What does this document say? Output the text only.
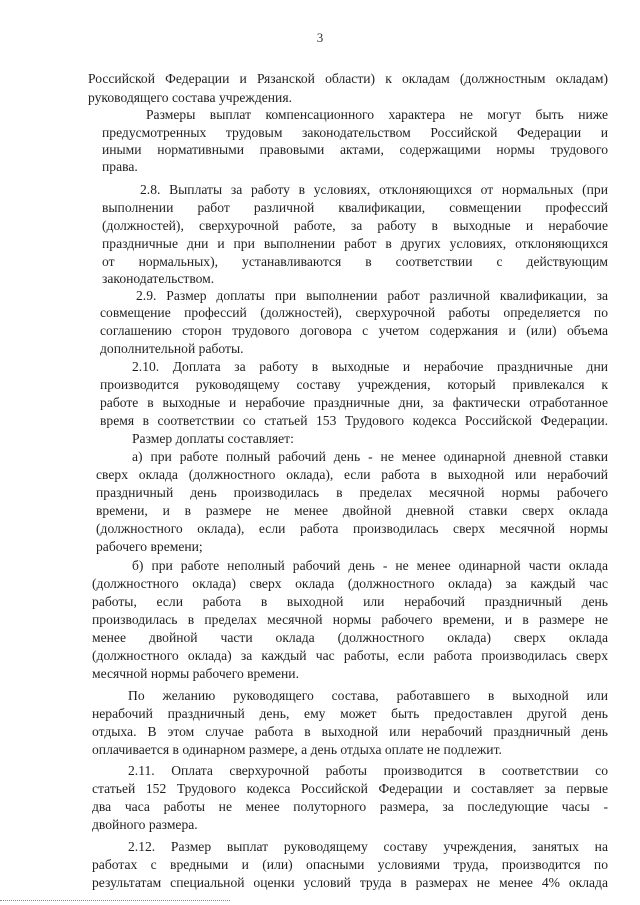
3
Российской Федерации и Рязанской области) к окладам (должностным окладам)
руководящего состава учреждения.
Размеры выплат компенсационного характера не могут быть ниже
предусмотренных трудовым законодательством Российской Федерации и
иными нормативными правовыми актами, содержащими нормы трудового
права.
2.8. Выплаты за работу в условиях, отклоняющихся от нормальных (при
выполнении работ различной квалификации, совмещении профессий
(должностей), сверхурочной работе, за работу в выходные и нерабочие
праздничные дни и при выполнении работ в других условиях, отклоняющихся
от нормальных), устанавливаются в соответствии с действующим
законодательством.
2.9. Размер доплаты при выполнении работ различной квалификации, за
совмещение профессий (должностей), сверхурочной работы определяется по
соглашению сторон трудового договора с учетом содержания и (или) объема
дополнительной работы.
2.10. Доплата за работу в выходные и нерабочие праздничные дни
производится руководящему составу учреждения, который привлекался к
работе в выходные и нерабочие праздничные дни, за фактически отработанное
время в соответствии со статьей 153 Трудового кодекса Российской Федерации.
Размер доплаты составляет:
а) при работе полный рабочий день - не менее одинарной дневной ставки
сверх оклада (должностного оклада), если работа в выходной или нерабочий
праздничный день производилась в пределах месячной нормы рабочего
времени, и в размере не менее двойной дневной ставки сверх оклада
(должностного оклада), если работа производилась сверх месячной нормы
рабочего времени;
б) при работе неполный рабочий день - не менее одинарной части оклада
(должностного оклада) сверх оклада (должностного оклада) за каждый час
работы, если работа в выходной или нерабочий праздничный день
производилась в пределах месячной нормы рабочего времени, и в размере не
менее двойной части оклада (должностного оклада) сверх оклада
(должностного оклада) за каждый час работы, если работа производилась сверх
месячной нормы рабочего времени.
По желанию руководящего состава, работавшего в выходной или
нерабочий праздничный день, ему может быть предоставлен другой день
отдыха. В этом случае работа в выходной или нерабочий праздничный день
оплачивается в одинарном размере, а день отдыха оплате не подлежит.
2.11. Оплата сверхурочной работы производится в соответствии со
статьей 152 Трудового кодекса Российской Федерации и составляет за первые
два часа работы не менее полуторного размера, за последующие часы -
двойного размера.
2.12. Размер выплат руководящему составу учреждения, занятых на
работах с вредными и (или) опасными условиями труда, производится по
результатам специальной оценки условий труда в размерах не менее 4% оклада
